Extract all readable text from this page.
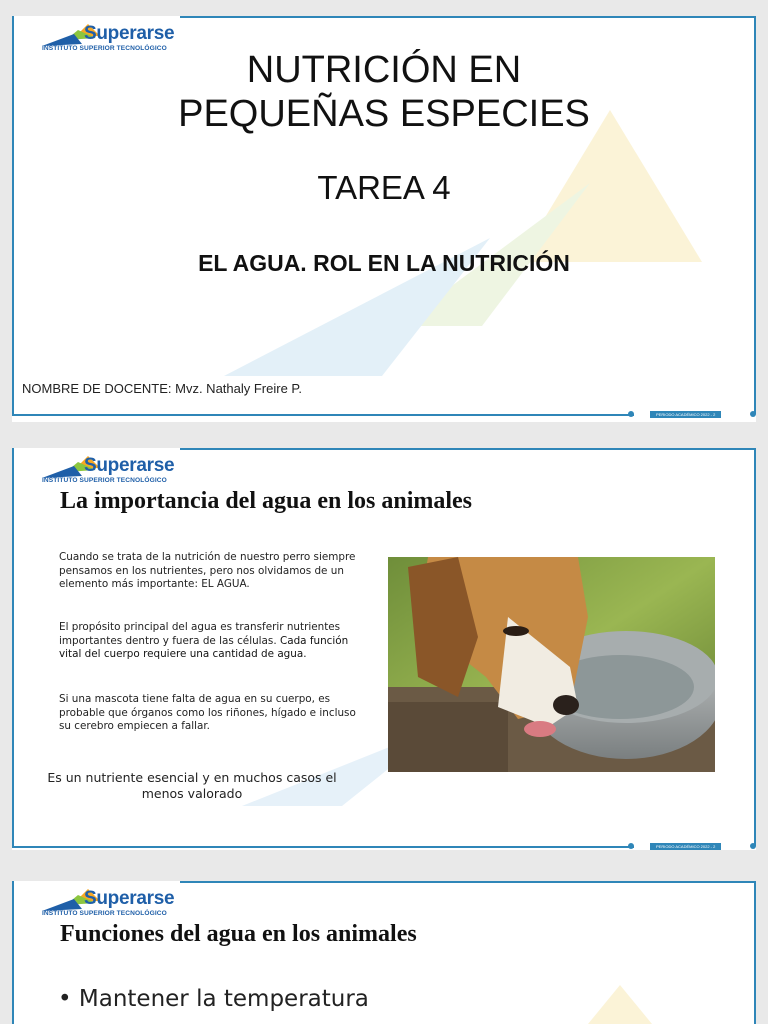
PERIODO ACADÉMICO 2022 - 2
Superarse
INSTITUTO SUPERIOR TECNOLÓGICO
NUTRICIÓN EN
PEQUEÑAS ESPECIES
TAREA 4
EL AGUA. ROL EN LA NUTRICIÓN
NOMBRE DE DOCENTE: Mvz. Nathaly Freire P.
PERIODO ACADÉMICO 2022 - 2
Superarse
INSTITUTO SUPERIOR TECNOLÓGICO
La importancia del agua en los animales
Cuando se trata de la nutrición de nuestro perro siempre pensamos en los nutrientes, pero nos olvidamos de un elemento más importante: EL AGUA.
El propósito principal del agua es transferir nutrientes importantes dentro y fuera de las células. Cada función vital del cuerpo requiere una cantidad de agua.
Si una mascota tiene falta de agua en su cuerpo, es probable que órganos como los riñones, hígado e incluso su cerebro empiecen a fallar.
Es un nutriente esencial y en muchos casos el menos valorado
Superarse
INSTITUTO SUPERIOR TECNOLÓGICO
Funciones del agua en los animales
• Mantener la temperatura
